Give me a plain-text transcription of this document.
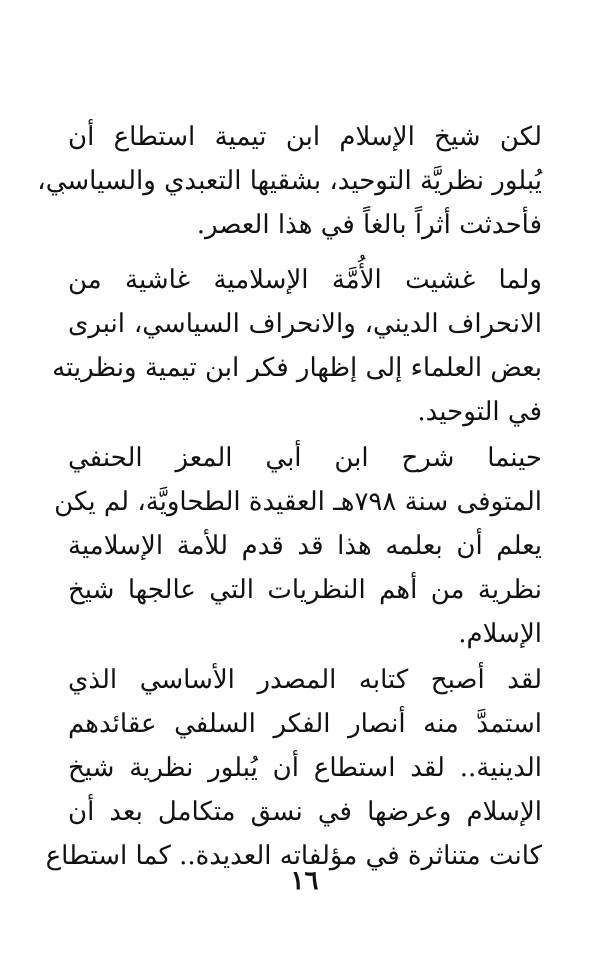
لكن شيخ الإسلام ابن تيمية استطاع أن
يُبلور نظريَّة التوحيد، بشقيها التعبدي والسياسي،
فأحدثت أثراً بالغاً في هذا العصر.

ولما غشيت الأُمَّة الإسلامية غاشية من
الانحراف الديني، والانحراف السياسي، انبرى
بعض العلماء إلى إظهار فكر ابن تيمية ونظريته
في التوحيد.

حينما شرح ابن أبي المعز الحنفي
المتوفى سنة ٧٩٨هـ العقيدة الطحاويَّة، لم يكن
يعلم أن بعلمه هذا قد قدم للأمة الإسلامية
نظرية من أهم النظريات التي عالجها شيخ
الإسلام.

لقد أصبح كتابه المصدر الأساسي الذي
استمدَّ منه أنصار الفكر السلفي عقائدهم
الدينية.. لقد استطاع أن يُبلور نظرية شيخ
الإسلام وعرضها في نسق متكامل بعد أن
كانت متناثرة في مؤلفاته العديدة.. كما استطاع

١٦
